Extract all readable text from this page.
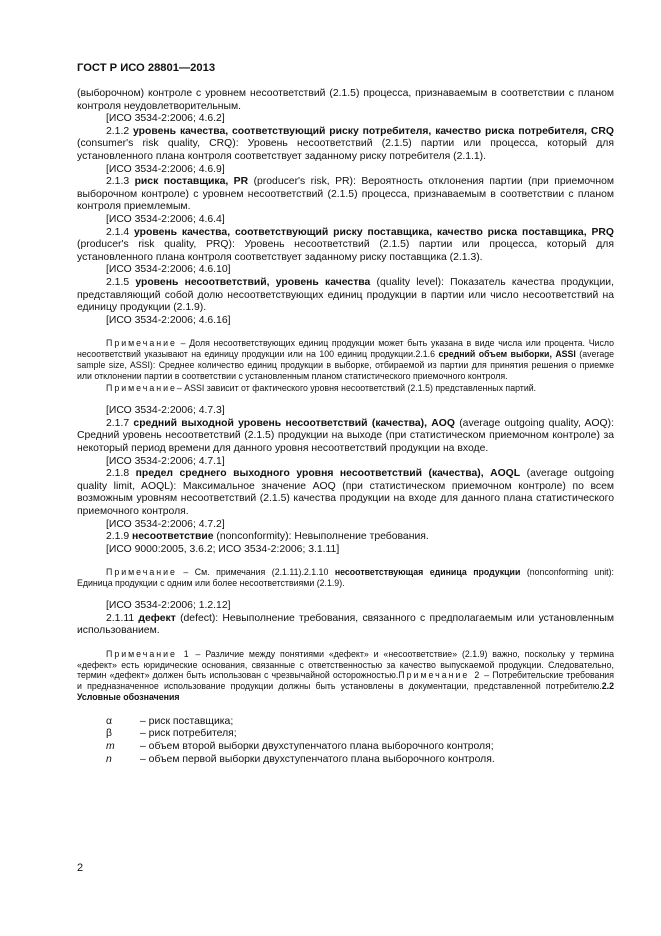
ГОСТ Р ИСО 28801—2013

(выборочном) контроле с уровнем несоответствий (2.1.5) процесса, признаваемым в соответствии с планом контроля неудовлетворительным.

[ИСО 3534-2:2006; 4.6.2]

2.1.2 уровень качества, соответствующий риску потребителя, качество риска потребителя, CRQ (consumer's risk quality, CRQ): Уровень несоответствий (2.1.5) партии или процесса, который для установленного плана контроля соответствует заданному риску потребителя (2.1.1).

[ИСО 3534-2:2006; 4.6.9]

2.1.3 риск поставщика, PR (producer's risk, PR): Вероятность отклонения партии (при приемочном выборочном контроле) с уровнем несоответствий (2.1.5) процесса, признаваемым в соответствии с планом контроля приемлемым.

[ИСО 3534-2:2006; 4.6.4]

2.1.4 уровень качества, соответствующий риску поставщика, качество риска поставщика, PRQ (producer's risk quality, PRQ): Уровень несоответствий (2.1.5) партии или процесса, который для установленного плана контроля соответствует заданному риску поставщика (2.1.3).

[ИСО 3534-2:2006; 4.6.10]

2.1.5 уровень несоответствий, уровень качества (quality level): Показатель качества продукции, представляющий собой долю несоответствующих единиц продукции в партии или число несоответствий на единицу продукции (2.1.9).

[ИСО 3534-2:2006; 4.6.16]

Примечание – Доля несоответствующих единиц продукции может быть указана в виде числа или процента. Число несоответствий указывают на единицу продукции или на 100 единиц продукции.2.1.6 средний объем выборки, ASSI (average sample size, ASSI): Среднее количество единиц продукции в выборке, отбираемой из партии для принятия решения о приемке или отклонении партии в соответствии с установленным планом статистического приемочного контроля.

Примечание– ASSI зависит от фактического уровня несоответствий (2.1.5) представленных партий.

[ИСО 3534-2:2006; 4.7.3]

2.1.7 средний выходной уровень несоответствий (качества), AOQ (average outgoing quality, AOQ): Средний уровень несоответствий (2.1.5) продукции на выходе (при статистическом приемочном контроле) за некоторый период времени для данного уровня несоответствий продукции на входе.

[ИСО 3534-2:2006; 4.7.1]

2.1.8 предел среднего выходного уровня несоответствий (качества), AOQL (average outgoing quality limit, AOQL): Максимальное значение AOQ (при статистическом приемочном контроле) по всем возможным уровням несоответствий (2.1.5) качества продукции на входе для данного плана статистического приемочного контроля.

[ИСО 3534-2:2006; 4.7.2]

2.1.9 несоответствие (nonconformity): Невыполнение требования.

[ИСО 9000:2005, 3.6.2; ИСО 3534-2:2006; 3.1.11]

Примечание – См. примечания (2.1.11).2.1.10 несоответствующая единица продукции (nonconforming unit): Единица продукции с одним или более несоответствиями (2.1.9).

[ИСО 3534-2:2006; 1.2.12]

2.1.11 дефект (defect): Невыполнение требования, связанного с предполагаемым или установленным использованием.

Примечание 1 – Различие между понятиями «дефект» и «несоответствие» (2.1.9) важно, поскольку у термина «дефект» есть юридические основания, связанные с ответственностью за качество выпускаемой продукции. Следовательно, термин «дефект» должен быть использован с чрезвычайной осторожностью.Примечание 2 – Потребительские требования и предназначенное использование продукции должны быть установлены в документации, представленной потребителю.2.2 Условные обозначения

α	– риск поставщика;
β	– риск потребителя;
m	– объем второй выборки двухступенчатого плана выборочного контроля;
n	– объем первой выборки двухступенчатого плана выборочного контроля.
2
